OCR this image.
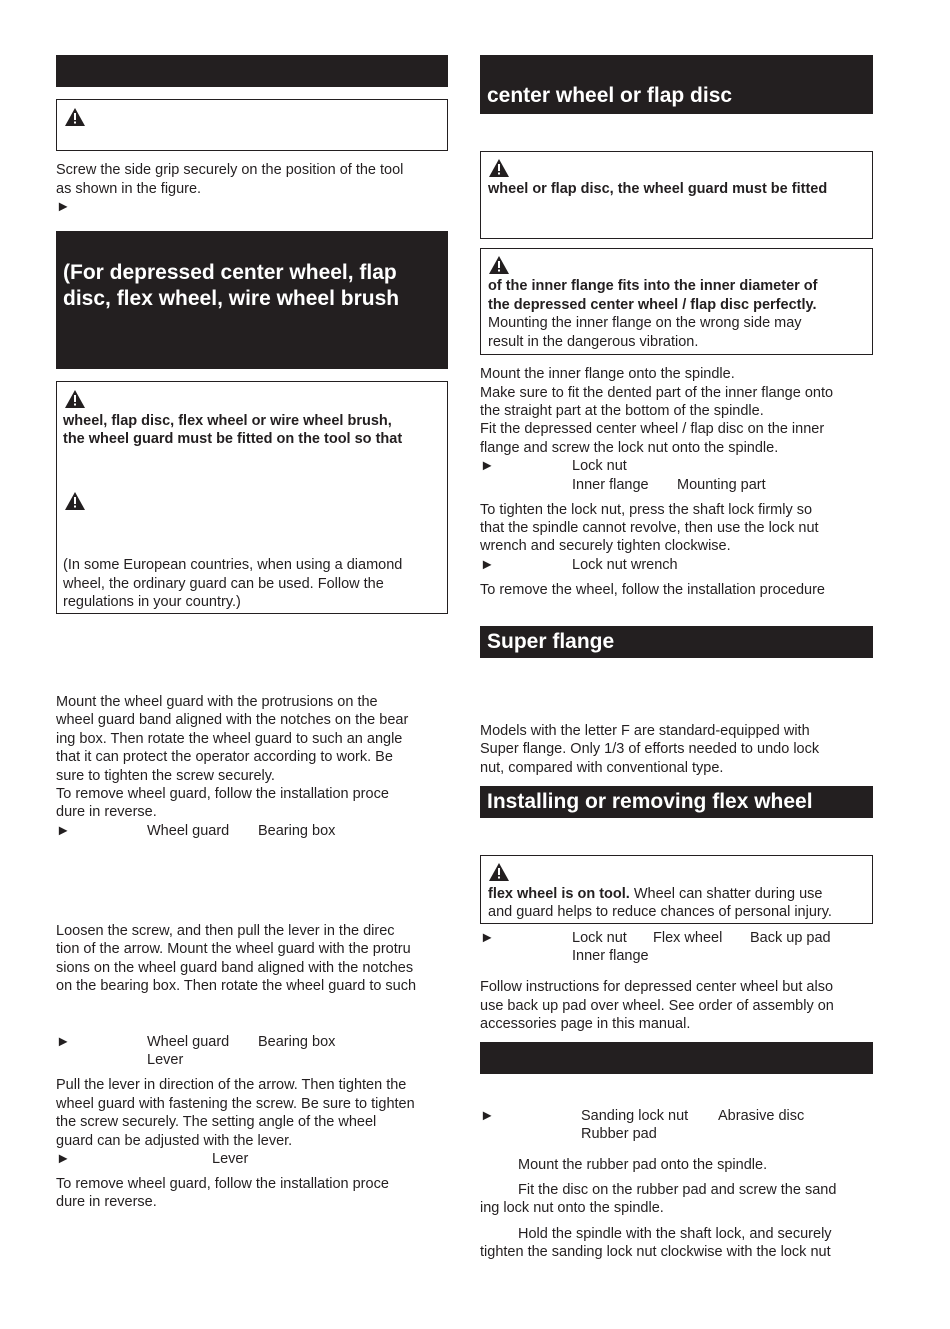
Screw the side grip securely on the position of the tool
as shown in the figure.
►
(For depressed center wheel, flap
disc, flex wheel, wire wheel brush
wheel, flap disc, flex wheel or wire wheel brush,
the wheel guard must be fitted on the tool so that
(In some European countries, when using a diamond
wheel, the ordinary guard can be used. Follow the
regulations in your country.)
Mount the wheel guard with the protrusions on the
wheel guard band aligned with the notches on the bear
ing box. Then rotate the wheel guard to such an angle
that it can protect the operator according to work. Be
sure to tighten the screw securely.
To remove wheel guard, follow the installation proce
dure in reverse.
►	Wheel guard Bearing box
Loosen the screw, and then pull the lever in the direc
tion of the arrow. Mount the wheel guard with the protru
sions on the wheel guard band aligned with the notches
on the bearing box. Then rotate the wheel guard to such
►	Wheel guard Bearing box
Lever
Pull the lever in direction of the arrow. Then tighten the
wheel guard with fastening the screw. Be sure to tighten
the screw securely. The setting angle of the wheel
guard can be adjusted with the lever.
►	Lever
To remove wheel guard, follow the installation proce
dure in reverse.
center wheel or flap disc
wheel or flap disc, the wheel guard must be fitted
of the inner flange fits into the inner diameter of
the depressed center wheel / flap disc perfectly.
Mounting the inner flange on the wrong side may
result in the dangerous vibration.
Mount the inner flange onto the spindle.
Make sure to fit the dented part of the inner flange onto
the straight part at the bottom of the spindle.
Fit the depressed center wheel / flap disc on the inner
flange and screw the lock nut onto the spindle.
►	Lock nut
Inner flange Mounting part
To tighten the lock nut, press the shaft lock firmly so
that the spindle cannot revolve, then use the lock nut
wrench and securely tighten clockwise.
►	Lock nut wrench
To remove the wheel, follow the installation procedure
Super flange
Models with the letter F are standard-equipped with
Super flange. Only 1/3 of efforts needed to undo lock
nut, compared with conventional type.
Installing or removing flex wheel
flex wheel is on tool. Wheel can shatter during use
and guard helps to reduce chances of personal injury.
►	Lock nut Flex wheel Back up pad
Inner flange
Follow instructions for depressed center wheel but also
use back up pad over wheel. See order of assembly on
accessories page in this manual.
►	Sanding lock nut Abrasive disc
Rubber pad
Mount the rubber pad onto the spindle.
Fit the disc on the rubber pad and screw the sand
ing lock nut onto the spindle.
Hold the spindle with the shaft lock, and securely
tighten the sanding lock nut clockwise with the lock nut
